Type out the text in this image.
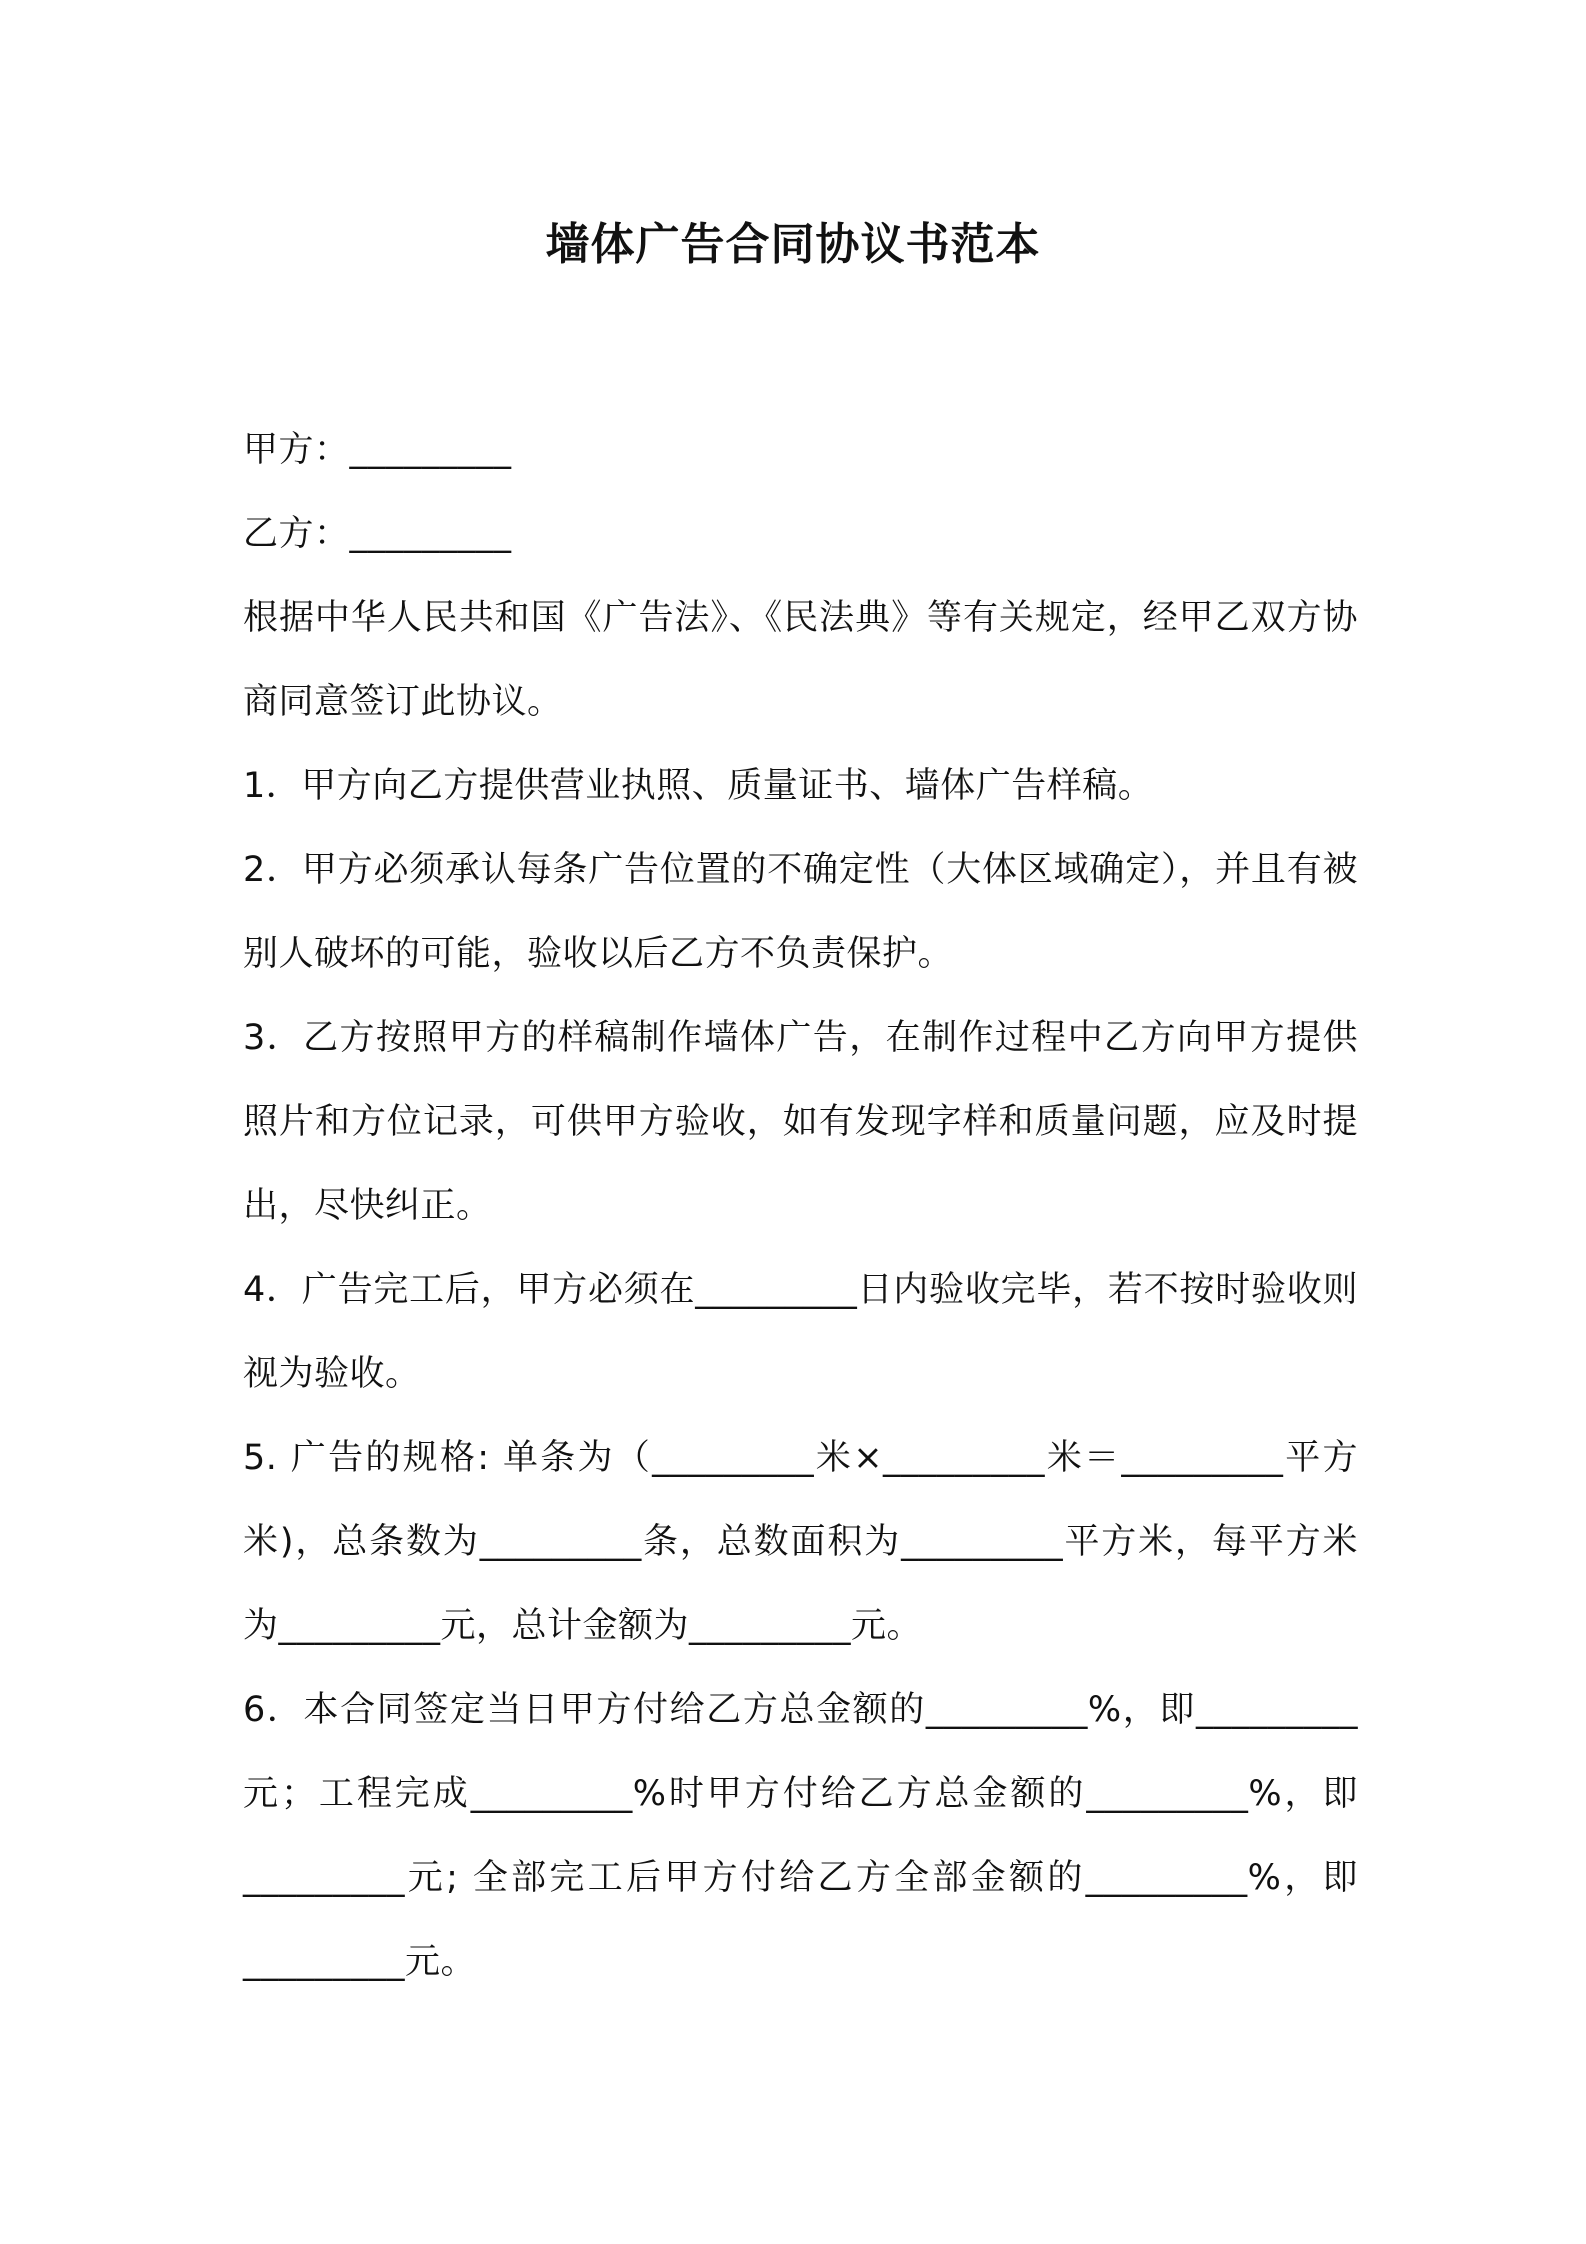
墙体广告合同协议书范本

甲方：_________

乙方：_________

根据中华人民共和国《广告法》、《民法典》等有关规定，经甲乙双方协商同意签订此协议。

1．甲方向乙方提供营业执照、质量证书、墙体广告样稿。

2．甲方必须承认每条广告位置的不确定性（大体区域确定），并且有被别人破坏的可能，验收以后乙方不负责保护。

3．乙方按照甲方的样稿制作墙体广告，在制作过程中乙方向甲方提供照片和方位记录，可供甲方验收，如有发现字样和质量问题，应及时提出，尽快纠正。

4．广告完工后，甲方必须在_________日内验收完毕，若不按时验收则视为验收。

5. 广告的规格: 单条为（_________米×_________米＝_________平方米)，总条数为_________条，总数面积为_________平方米，每平方米为_________元，总计金额为_________元。

6．本合同签定当日甲方付给乙方总金额的_________%，即_________元；工程完成_________%时甲方付给乙方总金额的_________%，即_________元; 全部完工后甲方付给乙方全部金额的_________%，即_________元。
